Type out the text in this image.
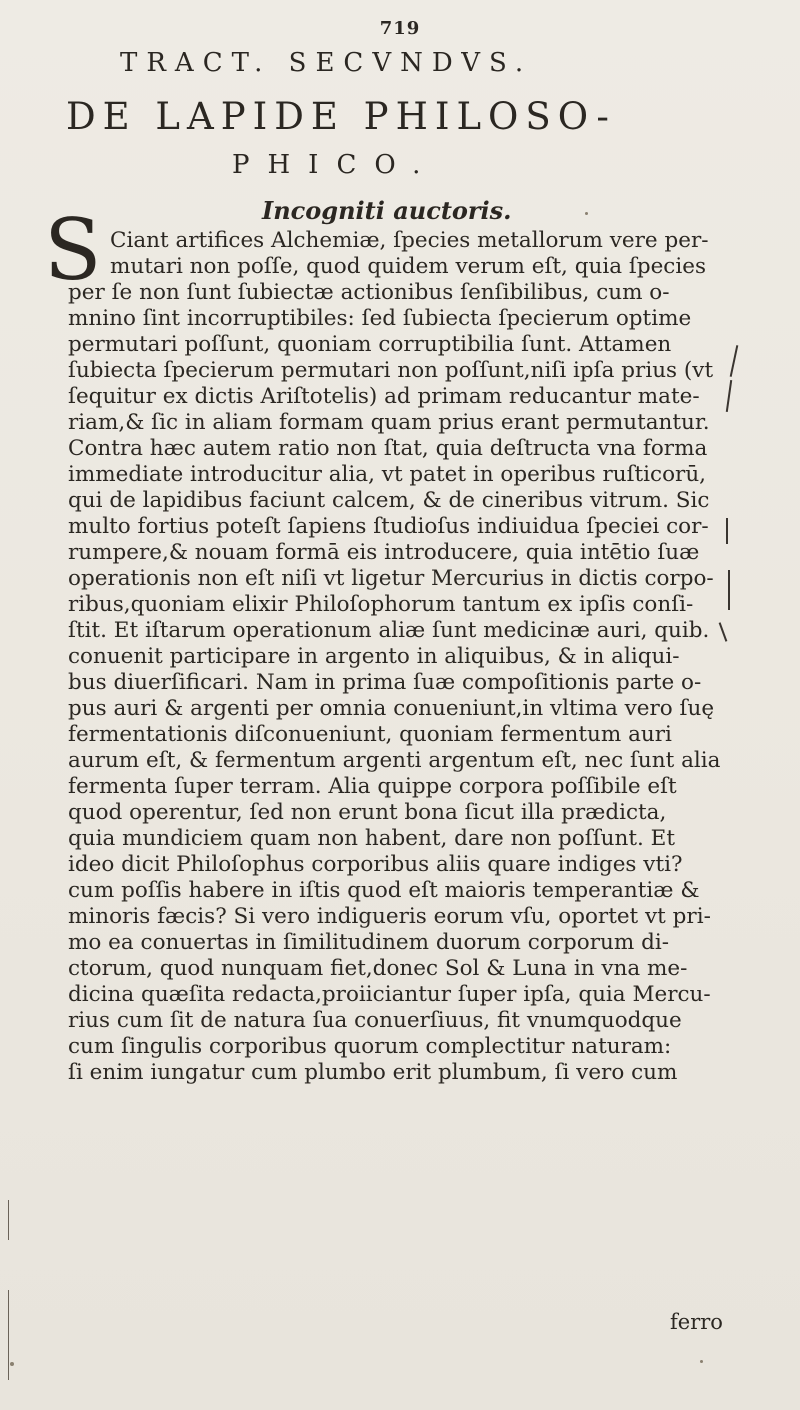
719
TRACT. SECVNDVS.
DE LAPIDE PHILOSO-
PHICO.
Incogniti auctoris.
S Ciant artifices Alchemiæ, ſpecies metallorum vere per-
mutari non poſſe, quod quidem verum eſt, quia ſpecies
per ſe non ſunt ſubiectæ actionibus ſenſibilibus, cum o-
mnino ſint incorruptibiles: ſed ſubiecta ſpecierum optime
permutari poſſunt, quoniam corruptibilia ſunt. Attamen
ſubiecta ſpecierum permutari non poſſunt,niſi ipſa prius (vt
ſequitur ex dictis Ariſtotelis) ad primam reducantur mate-
riam,& ſic in aliam formam quam prius erant permutantur.
Contra hæc autem ratio non ſtat, quia deſtructa vna forma
immediate introducitur alia, vt patet in operibus ruſticorū,
qui de lapidibus faciunt calcem, & de cineribus vitrum. Sic
multo fortius poteſt ſapiens ſtudioſus indiuidua ſpeciei cor-
rumpere,& nouam formā eis introducere, quia intētio ſuæ
operationis non eſt niſi vt ligetur Mercurius in dictis corpo-
ribus,quoniam elixir Philoſophorum tantum ex ipſis conſi-
ſtit. Et iſtarum operationum aliæ ſunt medicinæ auri, quib.
conuenit participare in argento in aliquibus, & in aliqui-
bus diuerſificari. Nam in prima ſuæ compoſitionis parte o-
pus auri & argenti per omnia conueniunt,in vltima vero ſuę
fermentationis diſconueniunt, quoniam fermentum auri
aurum eſt, & fermentum argenti argentum eſt, nec ſunt alia
fermenta ſuper terram. Alia quippe corpora poſſibile eſt
quod operentur, ſed non erunt bona ſicut illa prædicta,
quia mundiciem quam non habent, dare non poſſunt. Et
ideo dicit Philoſophus corporibus aliis quare indiges vti?
cum poſſis habere in iſtis quod eſt maioris temperantiæ &
minoris fæcis? Si vero indigueris eorum vſu, oportet vt pri-
mo ea conuertas in ſimilitudinem duorum corporum di-
ctorum, quod nunquam fiet,donec Sol & Luna in vna me-
dicina quæſita redacta,proiiciantur ſuper ipſa, quia Mercu-
rius cum ſit de natura ſua conuerſiuus, fit vnumquodque
cum ſingulis corporibus quorum complectitur naturam:
ſi enim iungatur cum plumbo erit plumbum, ſi vero cum
ferro
